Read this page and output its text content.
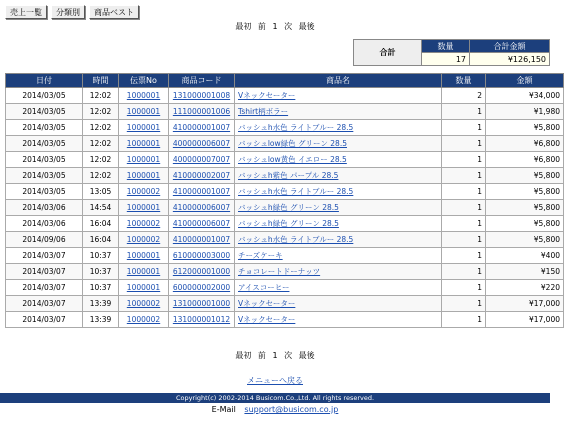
売上一覧	分類別	商品ベスト
最初 前 1 次 最後
合計	数量	合計金額
	17	¥126,150
日付	時間	伝票No	商品コード	商品名	数量	金額
2014/03/05	12:02	1000001	131000001008	Vネックセーター	2	¥34,000
2014/03/05	12:02	1000001	111000001006	Tshirt柄ボラー	1	¥1,980
2014/03/05	12:02	1000001	410000001007	バッシュh水色 ライトブルー 28.5	1	¥5,800
2014/03/05	12:02	1000001	400000006007	バッシュlow緑色 グリーン 28.5	1	¥6,800
2014/03/05	12:02	1000001	400000007007	バッシュlow黄色 イエロー 28.5	1	¥6,800
2014/03/05	12:02	1000001	410000002007	バッシュh紫色 パープル 28.5	1	¥5,800
2014/03/05	13:05	1000002	410000001007	バッシュh水色 ライトブルー 28.5	1	¥5,800
2014/03/06	14:54	1000001	410000006007	バッシュh緑色 グリーン 28.5	1	¥5,800
2014/03/06	16:04	1000002	410000006007	バッシュh緑色 グリーン 28.5	1	¥5,800
2014/09/06	16:04	1000002	410000001007	バッシュh水色 ライトブルー 28.5	1	¥5,800
2014/03/07	10:37	1000001	610000003000	チーズケーキ	1	¥400
2014/03/07	10:37	1000001	612000001000	チョコレートドーナッツ	1	¥150
2014/03/07	10:37	1000001	600000002000	アイスコーヒー	1	¥220
2014/03/07	13:39	1000002	131000001000	Vネックセーター	1	¥17,000
2014/03/07	13:39	1000002	131000001012	Vネックセーター	1	¥17,000
最初 前 1 次 最後
メニューへ戻る
Copyright(c) 2002-2014 Busicom.Co.,Ltd. All rights reserved.
E-Mail support@busicom.co.jp
